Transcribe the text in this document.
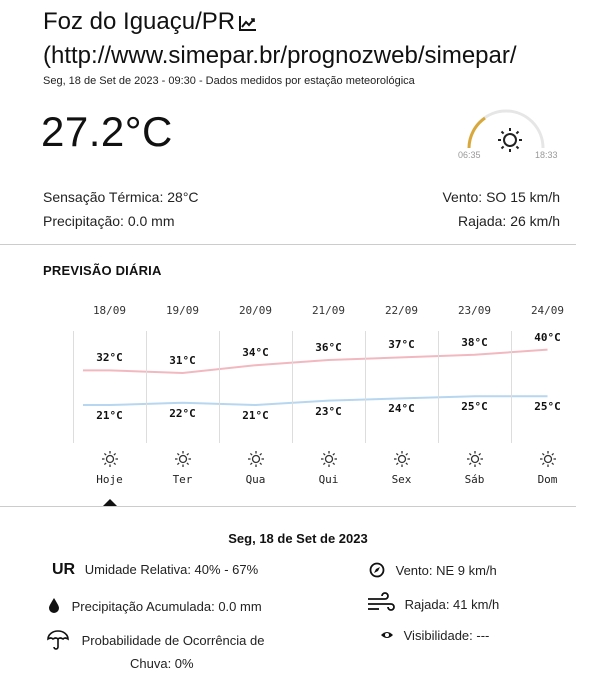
Foz do Iguaçu/PR
(http://www.simepar.br/prognozweb/simepar/
Seg, 18 de Set de 2023 - 09:30 - Dados medidos por estação meteorológica
27.2°C	06:35	18:33
Sensação Térmica: 28°C
Precipitação: 0.0 mm
Vento: SO 15 km/h
Rajada: 26 km/h
PREVISÃO DIÁRIA
18/09
32°C
21°C
Hoje
19/09
31°C
22°C
Ter
20/09
34°C
21°C
Qua
21/09
36°C
23°C
Qui
22/09
37°C
24°C
Sex
23/09
38°C
25°C
Sáb
24/09
40°C
25°C
Dom
Seg, 18 de Set de 2023
UR Umidade Relativa: 40% - 67%
Precipitação Acumulada: 0.0 mm
Probabilidade de Ocorrência de
Chuva: 0%
Vento: NE 9 km/h
Rajada: 41 km/h
Visibilidade: ---
